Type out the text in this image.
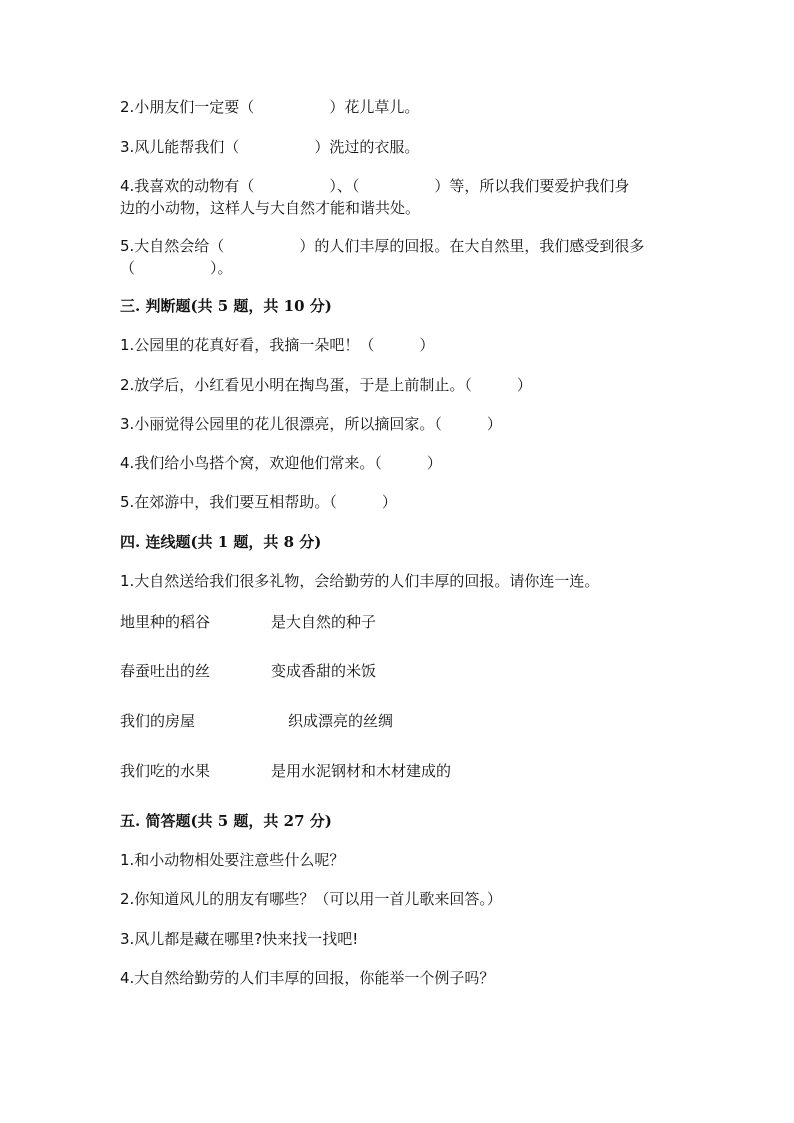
2.小朋友们一定要（　　　　　）花儿草儿。
3.风儿能帮我们（　　　　　）洗过的衣服。
4.我喜欢的动物有（　　　　　）、（　　　　　）等，所以我们要爱护我们身
边的小动物，这样人与大自然才能和谐共处。
5.大自然会给（　　　　　）的人们丰厚的回报。在大自然里，我们感受到很多
（　　　　　）。
三. 判断题(共 5 题，共 10 分)
1.公园里的花真好看，我摘一朵吧！（　　　）
2.放学后，小红看见小明在掏鸟蛋，于是上前制止。（　　　）
3.小丽觉得公园里的花儿很漂亮，所以摘回家。（　　　）
4.我们给小鸟搭个窝，欢迎他们常来。（　　　）
5.在郊游中，我们要互相帮助。（　　　）
四. 连线题(共 1 题，共 8 分)
1.大自然送给我们很多礼物，会给勤劳的人们丰厚的回报。请你连一连。
地里种的稻谷	是大自然的种子
春蚕吐出的丝	变成香甜的米饭
我们的房屋	织成漂亮的丝绸
我们吃的水果	是用水泥钢材和木材建成的
五. 简答题(共 5 题，共 27 分)
1.和小动物相处要注意些什么呢？
2.你知道风儿的朋友有哪些？（可以用一首儿歌来回答。）
3.风儿都是藏在哪里?快来找一找吧!
4.大自然给勤劳的人们丰厚的回报，你能举一个例子吗？
